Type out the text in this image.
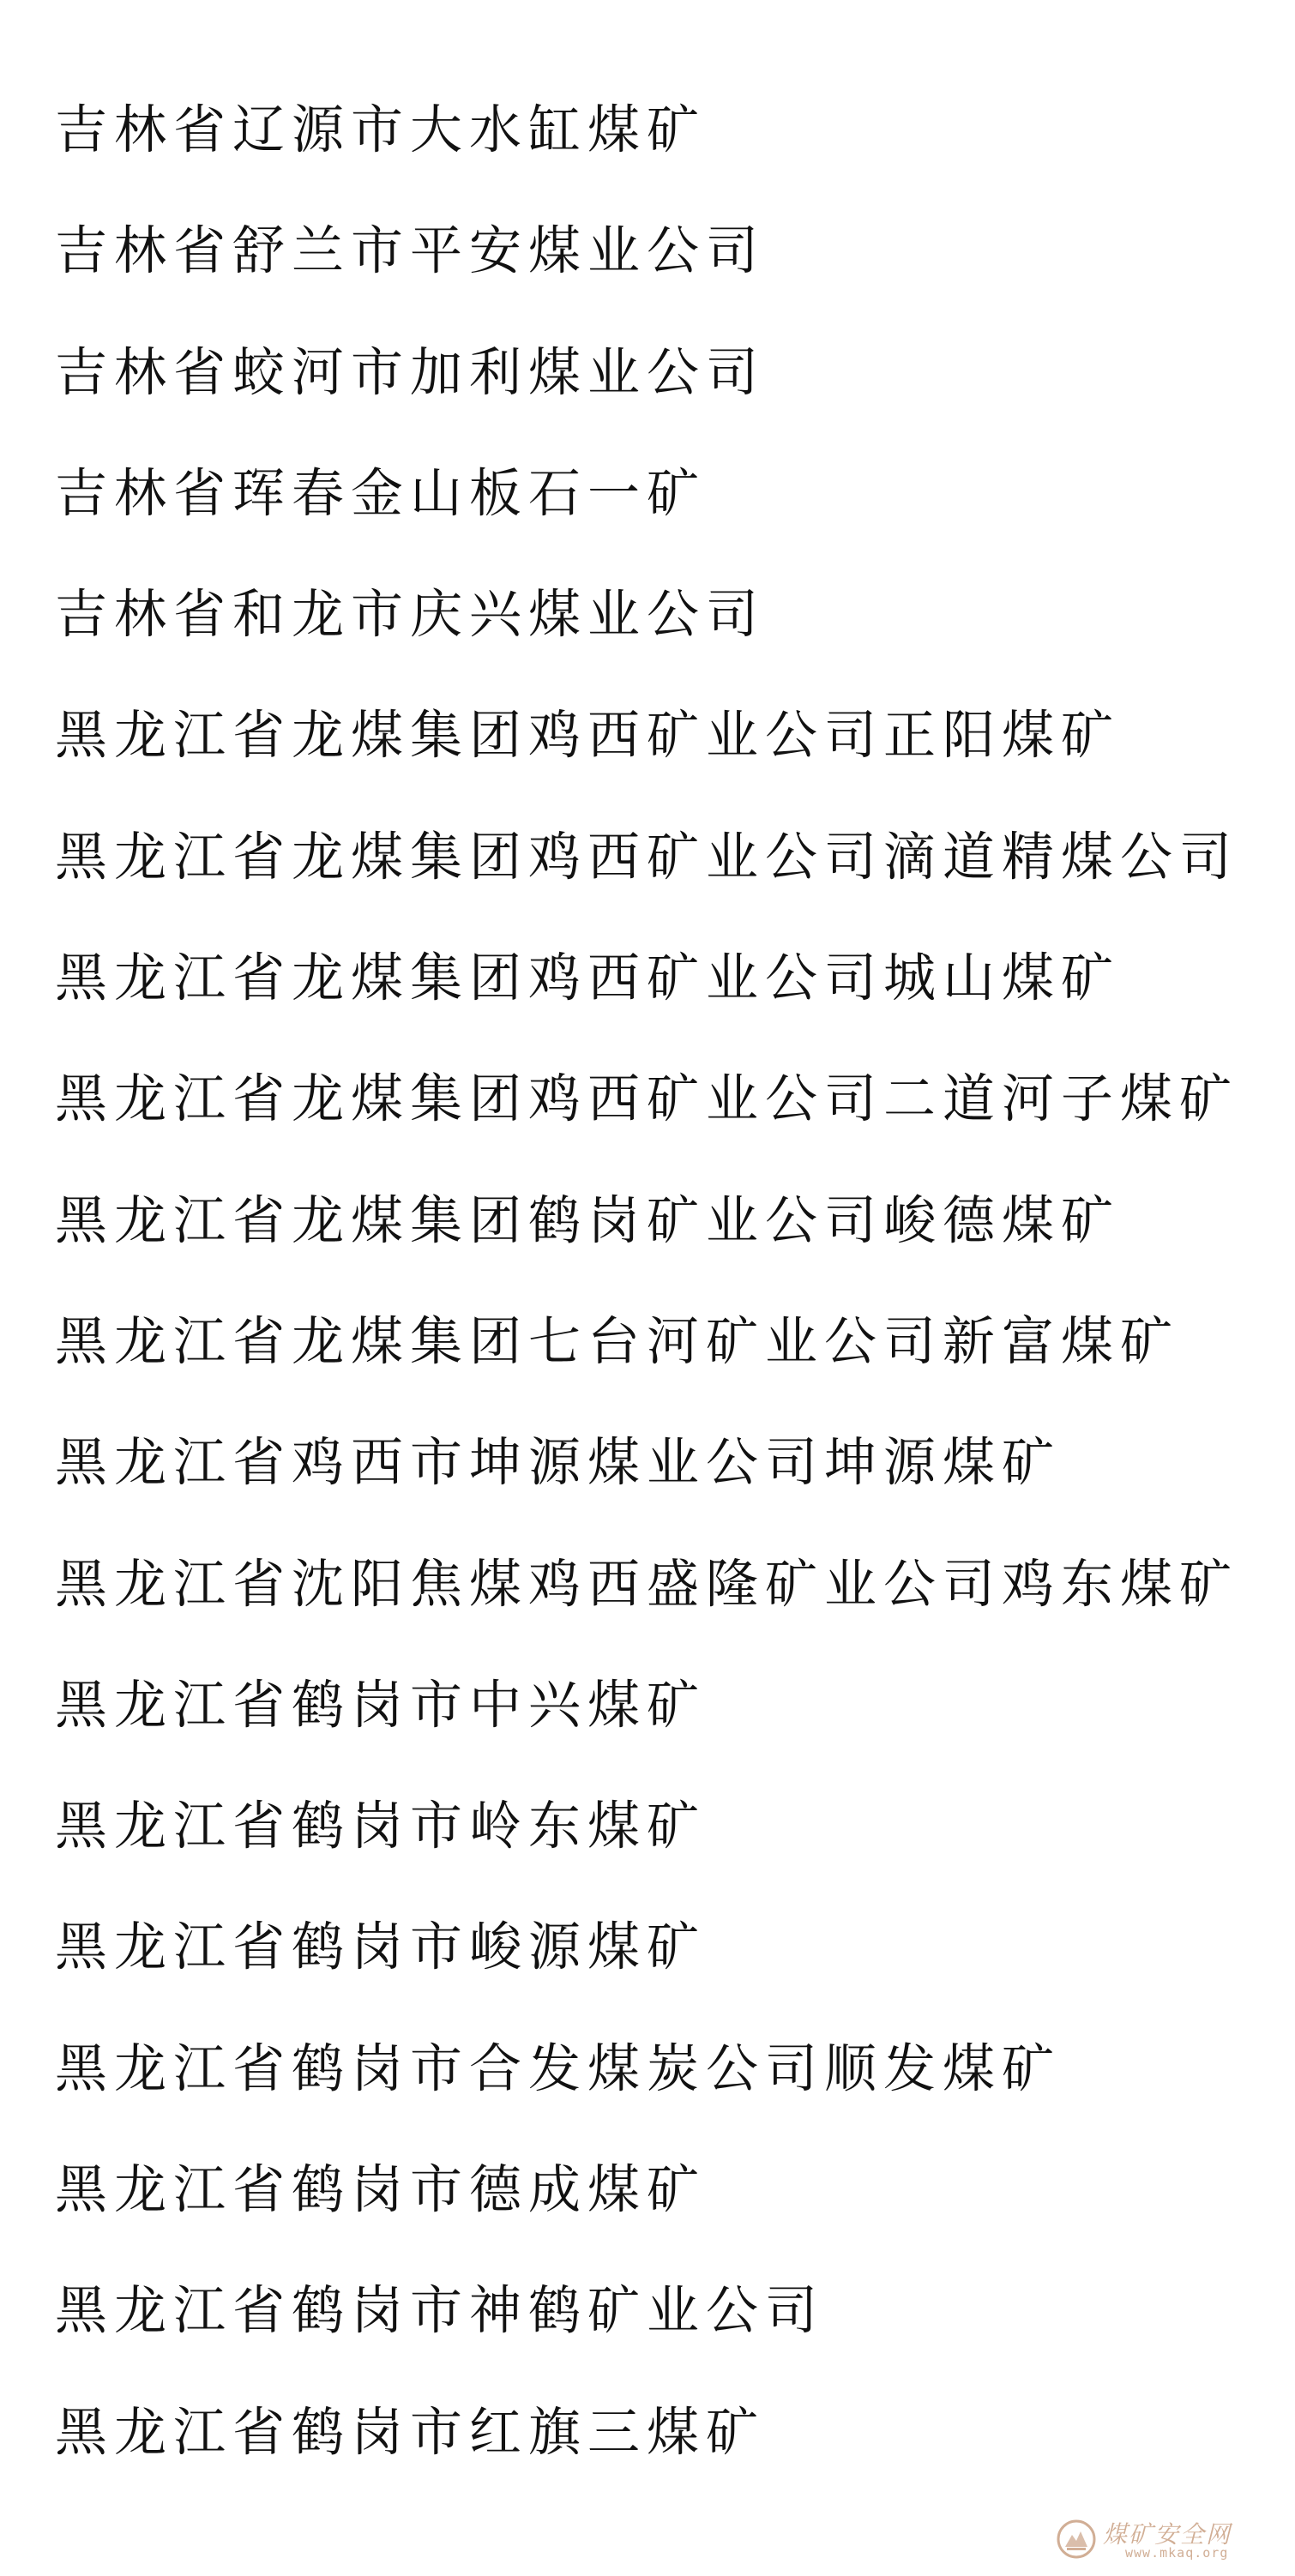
吉林省辽源市大水缸煤矿
吉林省舒兰市平安煤业公司
吉林省蛟河市加利煤业公司
吉林省珲春金山板石一矿
吉林省和龙市庆兴煤业公司
黑龙江省龙煤集团鸡西矿业公司正阳煤矿
黑龙江省龙煤集团鸡西矿业公司滴道精煤公司
黑龙江省龙煤集团鸡西矿业公司城山煤矿
黑龙江省龙煤集团鸡西矿业公司二道河子煤矿
黑龙江省龙煤集团鹤岗矿业公司峻德煤矿
黑龙江省龙煤集团七台河矿业公司新富煤矿
黑龙江省鸡西市坤源煤业公司坤源煤矿
黑龙江省沈阳焦煤鸡西盛隆矿业公司鸡东煤矿
黑龙江省鹤岗市中兴煤矿
黑龙江省鹤岗市岭东煤矿
黑龙江省鹤岗市峻源煤矿
黑龙江省鹤岗市合发煤炭公司顺发煤矿
黑龙江省鹤岗市德成煤矿
黑龙江省鹤岗市神鹤矿业公司
黑龙江省鹤岗市红旗三煤矿
煤矿安全网
www.mkaq.org
